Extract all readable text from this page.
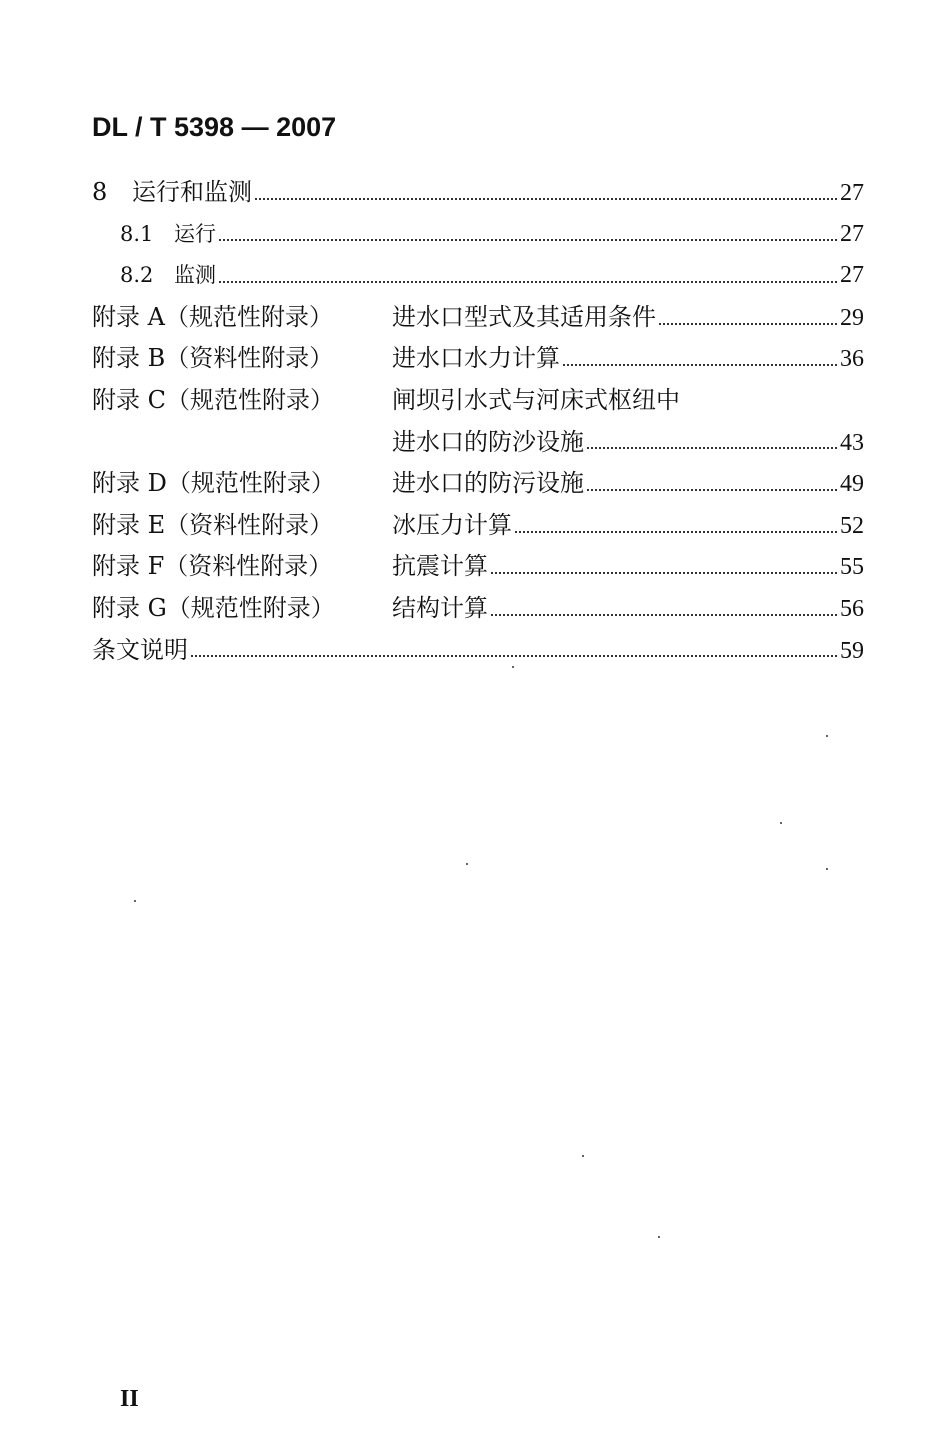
DL / T 5398 — 2007
8	运行和监测	27
8.1 运行	27
8.2 监测	27
附录 A（规范性附录）	进水口型式及其适用条件	29
附录 B（资料性附录）	进水口水力计算	36
附录 C（规范性附录）	闸坝引水式与河床式枢纽中
进水口的防沙设施	43
附录 D（规范性附录）	进水口的防污设施	49
附录 E（资料性附录）	冰压力计算	52
附录 F（资料性附录）	抗震计算	55
附录 G（规范性附录）	结构计算	56
条文说明	59
II
